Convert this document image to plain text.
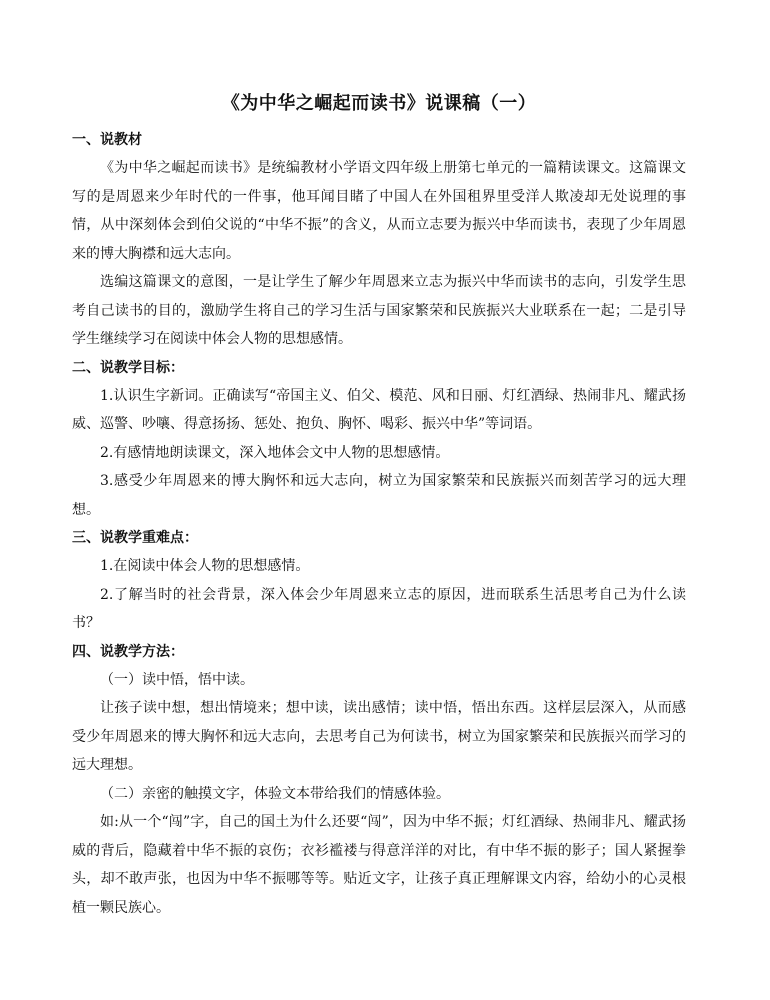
《为中华之崛起而读书》说课稿（一）
一、说教材

《为中华之崛起而读书》是统编教材小学语文四年级上册第七单元的一篇精读课文。这篇课文写的是周恩来少年时代的一件事，他耳闻目睹了中国人在外国租界里受洋人欺凌却无处说理的事情，从中深刻体会到伯父说的“中华不振”的含义，从而立志要为振兴中华而读书，表现了少年周恩来的博大胸襟和远大志向。

选编这篇课文的意图，一是让学生了解少年周恩来立志为振兴中华而读书的志向，引发学生思考自己读书的目的，激励学生将自己的学习生活与国家繁荣和民族振兴大业联系在一起；二是引导学生继续学习在阅读中体会人物的思想感情。

二、说教学目标：

1.认识生字新词。正确读写“帝国主义、伯父、模范、风和日丽、灯红酒绿、热闹非凡、耀武扬威、巡警、吵嚷、得意扬扬、惩处、抱负、胸怀、喝彩、振兴中华”等词语。

2.有感情地朗读课文，深入地体会文中人物的思想感情。

3.感受少年周恩来的博大胸怀和远大志向，树立为国家繁荣和民族振兴而刻苦学习的远大理想。

三、说教学重难点：

1.在阅读中体会人物的思想感情。

2.了解当时的社会背景，深入体会少年周恩来立志的原因，进而联系生活思考自己为什么读书？

四、说教学方法：

（一）读中悟，悟中读。

让孩子读中想，想出情境来；想中读，读出感情；读中悟，悟出东西。这样层层深入，从而感受少年周恩来的博大胸怀和远大志向，去思考自己为何读书，树立为国家繁荣和民族振兴而学习的远大理想。

（二）亲密的触摸文字，体验文本带给我们的情感体验。

如:从一个“闯”字，自己的国土为什么还要“闯”，因为中华不振；灯红酒绿、热闹非凡、耀武扬威的背后，隐藏着中华不振的哀伤；衣衫褴褛与得意洋洋的对比，有中华不振的影子；国人紧握拳头，却不敢声张，也因为中华不振哪等等。贴近文字，让孩子真正理解课文内容，给幼小的心灵根植一颗民族心。
